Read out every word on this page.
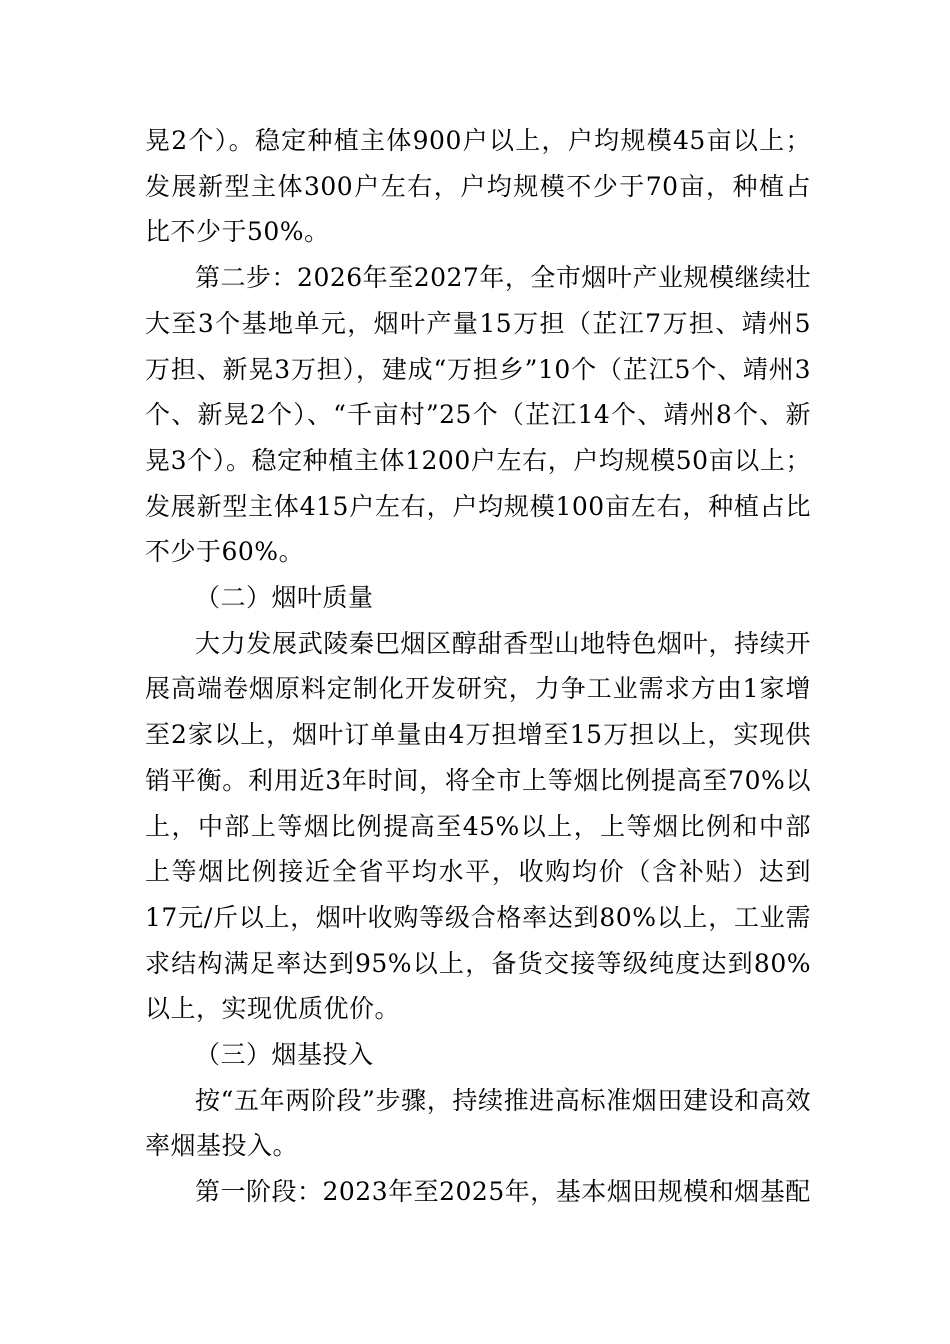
晃2个）。稳定种植主体900户以上，户均规模45亩以上；发展新型主体300户左右，户均规模不少于70亩，种植占比不少于50%。

第二步：2026年至2027年，全市烟叶产业规模继续壮大至3个基地单元，烟叶产量15万担（芷江7万担、靖州5万担、新晃3万担），建成“万担乡”10个（芷江5个、靖州3个、新晃2个）、“千亩村”25个（芷江14个、靖州8个、新晃3个）。稳定种植主体1200户左右，户均规模50亩以上；发展新型主体415户左右，户均规模100亩左右，种植占比不少于60%。

（二）烟叶质量

大力发展武陵秦巴烟区醇甜香型山地特色烟叶，持续开展高端卷烟原料定制化开发研究，力争工业需求方由1家增至2家以上，烟叶订单量由4万担增至15万担以上，实现供销平衡。利用近3年时间，将全市上等烟比例提高至70%以上，中部上等烟比例提高至45%以上，上等烟比例和中部上等烟比例接近全省平均水平，收购均价（含补贴）达到17元/斤以上，烟叶收购等级合格率达到80%以上，工业需求结构满足率达到95%以上，备货交接等级纯度达到80%以上，实现优质优价。

（三）烟基投入

按“五年两阶段”步骤，持续推进高标准烟田建设和高效率烟基投入。

第一阶段：2023年至2025年，基本烟田规模和烟基配
